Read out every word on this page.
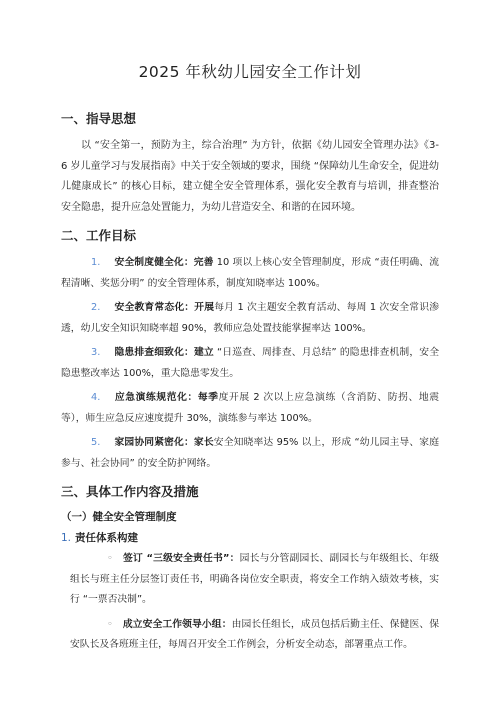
2025 年秋幼儿园安全工作计划
一、指导思想

以 “安全第一，预防为主，综合治理” 为方针，依据《幼儿园安全管理办法》《3-6 岁儿童学习与发展指南》中关于安全领域的要求，围绕 “保障幼儿生命安全，促进幼儿健康成长” 的核心目标，建立健全安全管理体系，强化安全教育与培训，排查整治安全隐患，提升应急处置能力，为幼儿营造安全、和谐的在园环境。

二、工作目标

1. 安全制度健全化：完善 10 项以上核心安全管理制度，形成 “责任明确、流程清晰、奖惩分明” 的安全管理体系，制度知晓率达 100%。

2. 安全教育常态化：开展每月 1 次主题安全教育活动、每周 1 次安全常识渗透，幼儿安全知识知晓率超 90%，教师应急处置技能掌握率达 100%。

3. 隐患排查细致化：建立 “日巡查、周排查、月总结” 的隐患排查机制，安全隐患整改率达 100%，重大隐患零发生。

4. 应急演练规范化：每季度开展 2 次以上应急演练（含消防、防拐、地震等），师生应急反应速度提升 30%，演练参与率达 100%。

5. 家园协同紧密化：家长安全知晓率达 95% 以上，形成 “幼儿园主导、家庭参与、社会协同” 的安全防护网络。

三、具体工作内容及措施
（一）健全安全管理制度
1. 责任体系构建

◦ 签订 “三级安全责任书”：园长与分管副园长、副园长与年级组长、年级组长与班主任分层签订责任书，明确各岗位安全职责，将安全工作纳入绩效考核，实行 “一票否决制”。

◦ 成立安全工作领导小组：由园长任组长，成员包括后勤主任、保健医、保安队长及各班班主任，每周召开安全工作例会，分析安全动态，部署重点工作。
